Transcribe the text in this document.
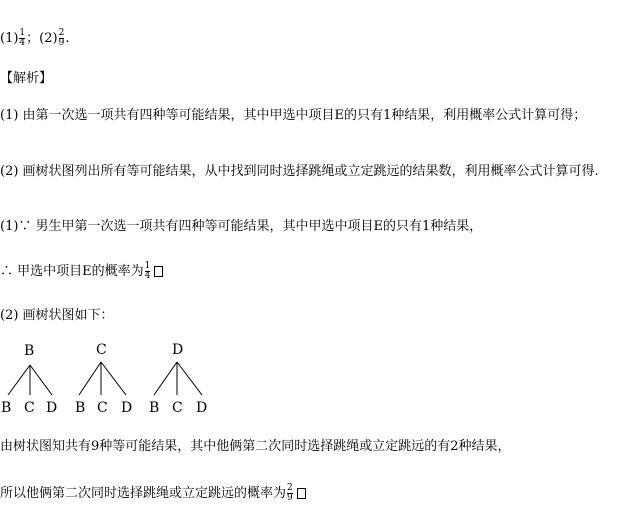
$(1) \frac{1}{4}$ ；$(2) \frac{2}{9}$ .
【解析】
(1) 由第一次选一项共有四种等可能结果，其中甲选中项目E的只有1种结果，利用概率公式计算可得；
(2) 画树状图列出所有等可能结果，从中找到同时选择跳绳或立定跳远的结果数，利用概率公式计算可得.
(1)∵ 男生甲第一次选一项共有四种等可能结果，其中甲选中项目E的只有1种结果，
∴ 甲选中项目E的概率为 $\frac{1}{4}$
(2) 画树状图如下：
B	C	D
B C D B C D B C D
由树状图知共有9种等可能结果，其中他俩第二次同时选择跳绳或立定跳远的有2种结果，
所以他俩第二次同时选择跳绳或立定跳远的概率为 $\frac{2}{9}$
